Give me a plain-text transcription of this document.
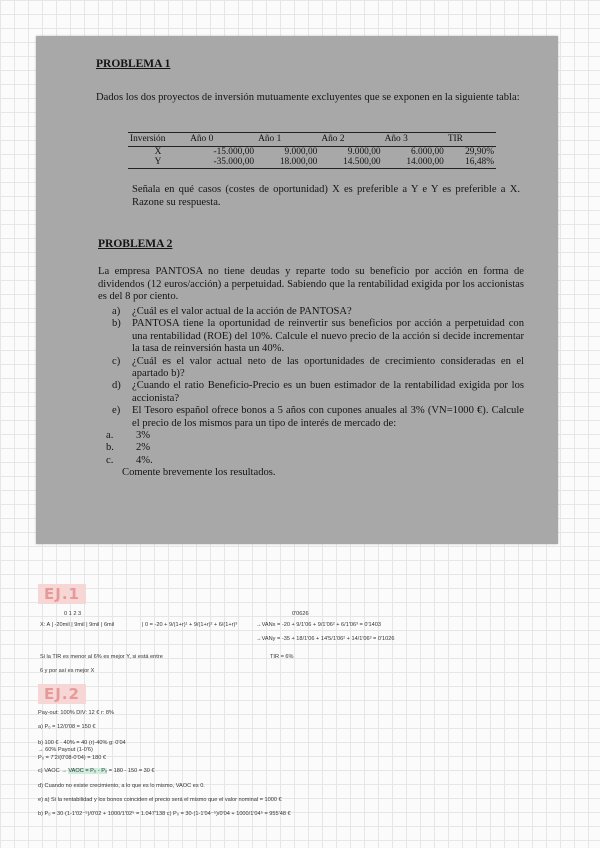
PROBLEMA 1
Dados los dos proyectos de inversión mutuamente excluyentes que se exponen en la siguiente tabla:
Inversión	Año 0	Año 1	Año 2	Año 3	TIR
X	-15.000,00	9.000,00	9.000,00	6.000,00	29,90%
Y	-35.000,00	18.000,00	14.500,00	14.000,00	16,48%
Señala en qué casos (costes de oportunidad) X es preferible a Y e Y es preferible a X. Razone su respuesta.
PROBLEMA 2
La empresa PANTOSA no tiene deudas y reparte todo su beneficio por acción en forma de dividendos (12 euros/acción) a perpetuidad. Sabiendo que la rentabilidad exigida por los accionistas es del 8 por ciento.
a) ¿Cuál es el valor actual de la acción de PANTOSA?
b) PANTOSA tiene la oportunidad de reinvertir sus beneficios por acción a perpetuidad con una rentabilidad (ROE) del 10%. Calcule el nuevo precio de la acción si decide incrementar la tasa de reinversión hasta un 40%.
c) ¿Cuál es el valor actual neto de las oportunidades de crecimiento consideradas en el apartado b)?
d) ¿Cuando el ratio Beneficio-Precio es un buen estimador de la rentabilidad exigida por los accionista?
e) El Tesoro español ofrece bonos a 5 años con cupones anuales al 3% (VN=1000 €). Calcule el precio de los mismos para un tipo de interés de mercado de:
a. 3%
b. 2%
c. 4%.
Comente brevemente los resultados.
EJ.1
0 1 2 3
X: A | -20mil | 9mil | 9mil | 6mil	| 0 = -20 + 9/(1+r)¹ + 9/(1+r)² + 6/(1+r)³
0'0626
→VANx = -20 + 9/1'06 + 9/1'06² + 6/1'06³ = 0'1403
→VANy = -35 + 18/1'06 + 14'5/1'06² + 14/1'06³ = 0'1026
Si la TIR es menor al 6% es mejor Y, si está entre	TIR = 6%
6 y por así es mejor X
EJ.2
Pay-out: 100% DIV: 12 € r: 8%
a) P₀ = 12/0'08 = 150 €
b) 100 € · 40% = 40 (r)·40% g: 0'04
→ 60% Payout (1-0'6)
P₀ = 7'2/(0'08-0'04) = 180 €
c) VAOC → VAOC = P₀ - P₀ = 180 - 150 = 30 €
d) Cuando no existe crecimiento, a lo que es lo mismo, VAOC es 0.
e) a) Si la rentabilidad y los bonos coinciden el precio será el mismo que el valor nominal = 1000 €
b) P₀ = 30·(1-1'02⁻⁵)/0'02 + 1000/1'02⁵ = 1.047'138 c) P₀ = 30·(1-1'04⁻⁵)/0'04 + 1000/1'04⁵ = 955'48 €
